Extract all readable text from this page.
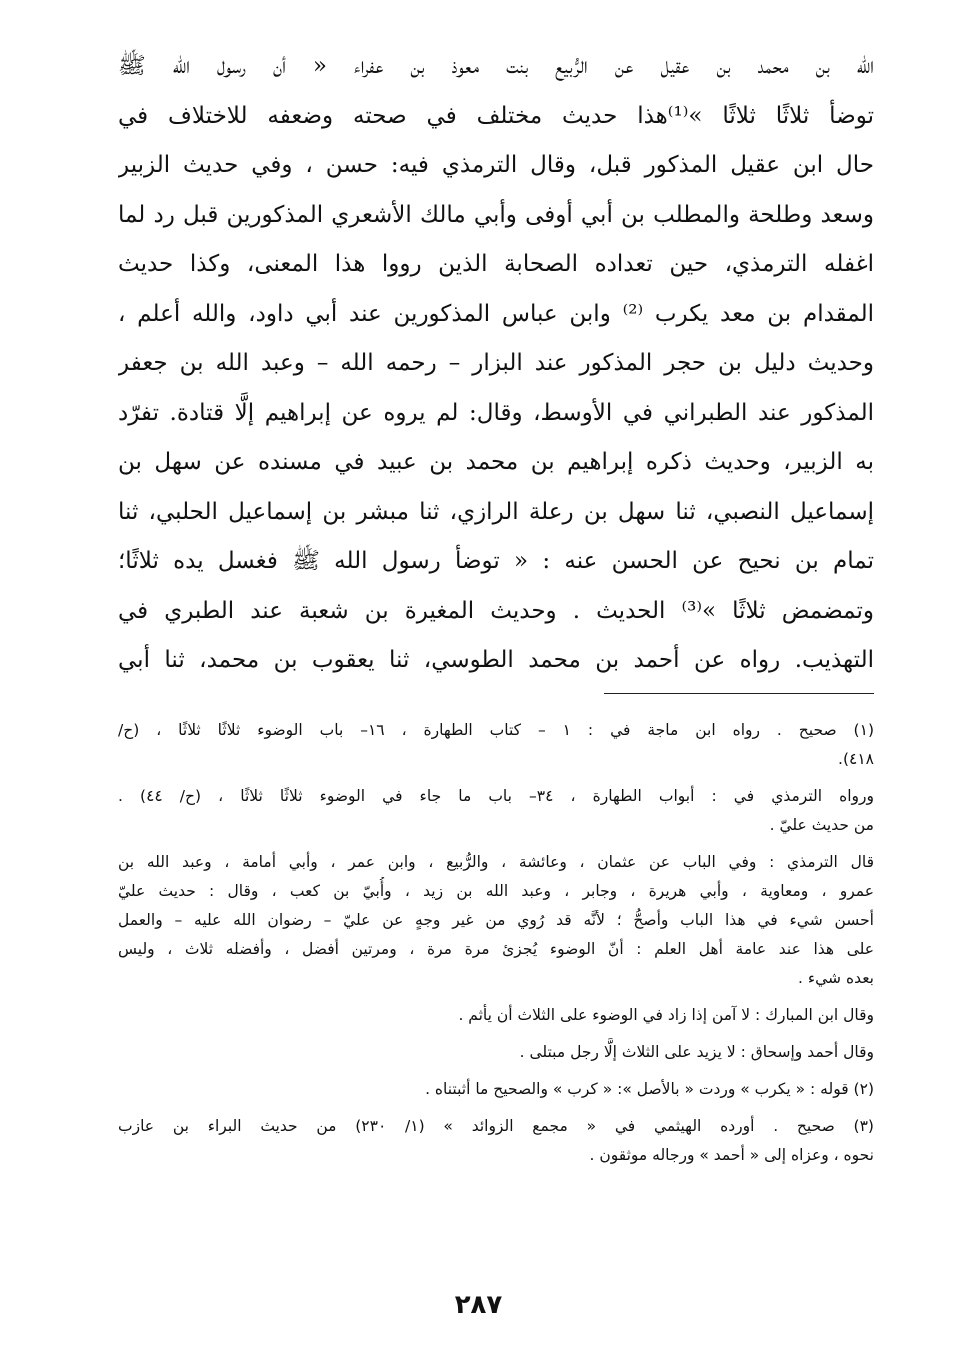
الله بن محمد بن عقيل عن الرُّبيع بنت معوذ بن عفراء « أن رسول الله ﷺ
توضأ ثلاثًا ثلاثًا »⁽¹⁾هذا حديث مختلف في صحته وضعفه للاختلاف في
حال ابن عقيل المذكور قبل، وقال الترمذي فيه: حسن ، وفي حديث الزبير
وسعد وطلحة والمطلب بن أبي أوفى وأبي مالك الأشعري المذكورين قبل رد لما
اغفله الترمذي، حين تعداده الصحابة الذين رووا هذا المعنى، وكذا حديث
المقدام بن معد يكرب ⁽²⁾ وابن عباس المذكورين عند أبي داود، والله أعلم ،
وحديث دليل بن حجر المذكور عند البزار – رحمه الله – وعبد الله بن جعفر
المذكور عند الطبراني في الأوسط، وقال: لم يروه عن إبراهيم إلَّا قتادة. تفرّد
به الزبير، وحديث ذكره إبراهيم بن محمد بن عبيد في مسنده عن سهل بن
إسماعيل النصبي، ثنا سهل بن رعلة الرازي، ثنا مبشر بن إسماعيل الحلبي، ثنا
تمام بن نحيح عن الحسن عنه : « توضأ رسول الله ﷺ فغسل يده ثلاثًا؛
وتمضمض ثلاثًا »⁽³⁾ الحديث . وحديث المغيرة بن شعبة عند الطبري في
التهذيب. رواه عن أحمد بن محمد الطوسي، ثنا يعقوب بن محمد، ثنا أبي
(١) صحيح . رواه ابن ماجة في : ١ – كتاب الطهارة ، ١٦– باب الوضوء ثلاثًا ثلاثًا ، (ح/
٤١٨).
ورواه الترمذي في : أبواب الطهارة ، ٣٤– باب ما جاء في الوضوء ثلاثًا ثلاثًا ، (ح/ ٤٤) .
من حديث عليّ .
قال الترمذي : وفي الباب عن عثمان ، وعائشة ، والرُّبيع ، وابن عمر ، وأبي أمامة ، وعبد الله بن
عمرو ، ومعاوية ، وأبي هريرة ، وجابر ، وعبد الله بن زيد ، وأُبيّ بن كعب ، وقال : حديث عليّ
أحسن شيء في هذا الباب وأصحُّ ؛ لأنَّه قد رُوي من غير وجهٍ عن عليّ – رضوان الله عليه – والعمل
على هذا عند عامة أهل العلم : أنّ الوضوء يُجزئ مرة مرة ، ومرتين أفضل ، وأفضله ثلاث ، وليس
بعده شيء .
وقال ابن المبارك : لا آمن إذا زاد في الوضوء على الثلاث أن يأثم .
وقال أحمد وإسحاق : لا يزيد على الثلاث إلَّا رجل مبتلى .
(٢) قوله : « يكرب » وردت « بالأصل »: « كرب » والصحيح ما أثبتناه .
(٣) صحيح . أورده الهيثمي في « مجمع الزوائد » (١/ ٢٣٠) من حديث البراء بن عازب
نحوه ، وعزاه إلى « أحمد » ورجاله موثقون .
٢٨٧
